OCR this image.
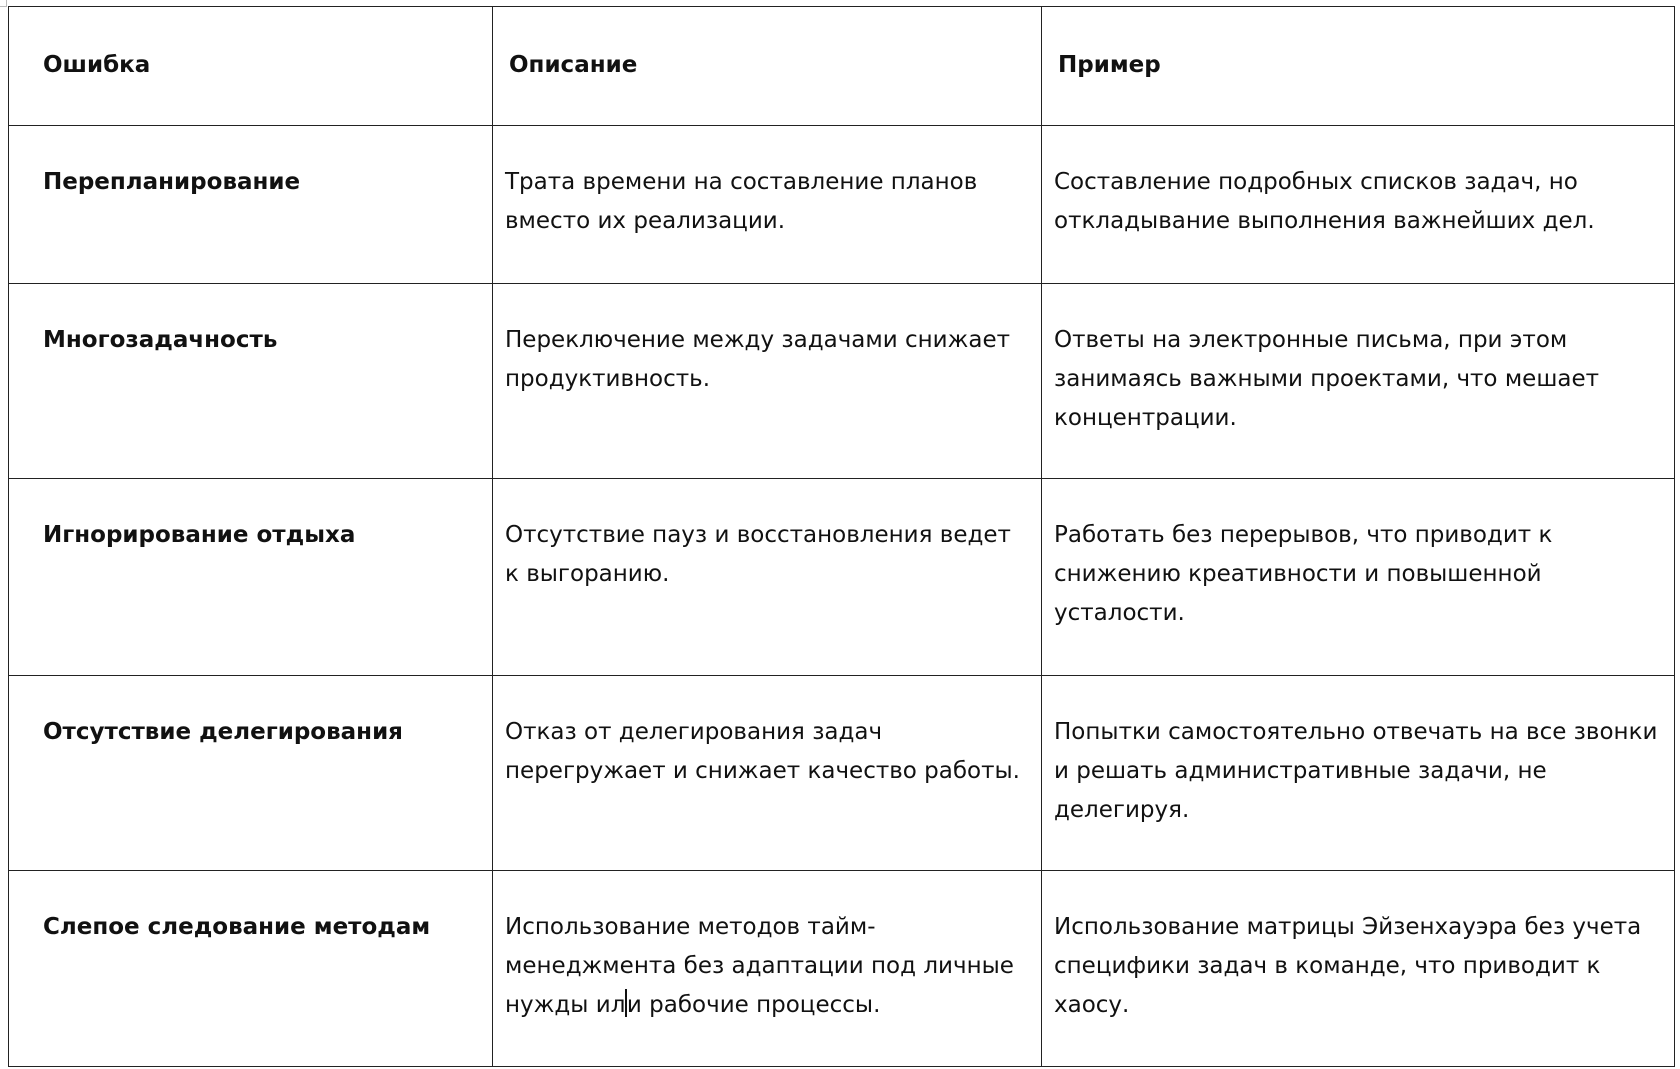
Ошибка	Описание	Пример

Перепланирование	Трата времени на составление планов вместо их реализации.	Составление подробных списков задач, но откладывание выполнения важнейших дел.

Многозадачность	Переключение между задачами снижает продуктивность.	Ответы на электронные письма, при этом занимаясь важными проектами, что мешает концентрации.

Игнорирование отдыха	Отсутствие пауз и восстановления ведет к выгоранию.	Работать без перерывов, что приводит к снижению креативности и повышенной усталости.

Отсутствие делегирования	Отказ от делегирования задач перегружает и снижает качество работы.	Попытки самостоятельно отвечать на все звонки и решать административные задачи, не делегируя.

Слепое следование методам	Использование методов тайм-менеджмента без адаптации под личные нужды или рабочие процессы.	Использование матрицы Эйзенхауэра без учета специфики задач в команде, что приводит к хаосу.
